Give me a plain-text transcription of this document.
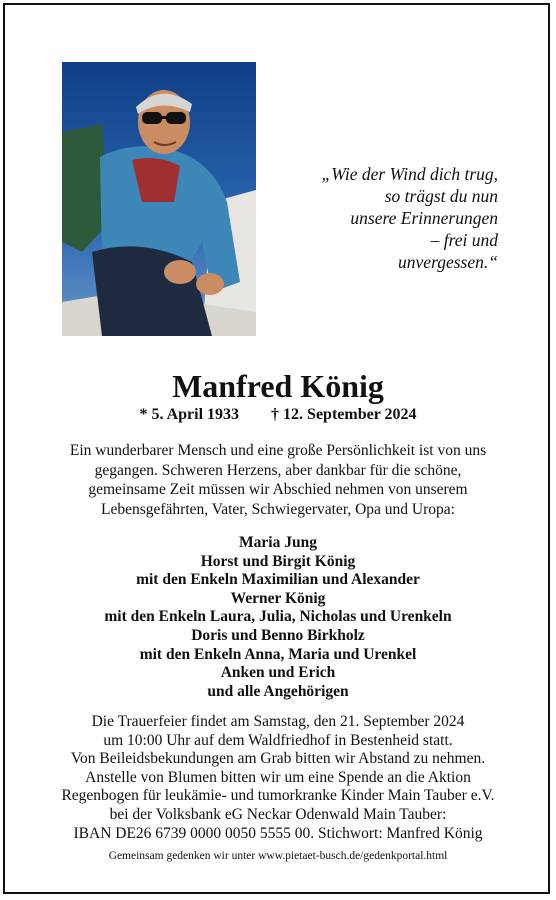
„Wie der Wind dich trug,
so trägst du nun
unsere Erinnerungen
– frei und
unvergessen.“
Manfred König
* 5. April 1933 † 12. September 2024
Ein wunderbarer Mensch und eine große Persönlichkeit ist von uns
gegangen. Schweren Herzens, aber dankbar für die schöne,
gemeinsame Zeit müssen wir Abschied nehmen von unserem
Lebensgefährten, Vater, Schwiegervater, Opa und Uropa:
Maria Jung
Horst und Birgit König
mit den Enkeln Maximilian und Alexander
Werner König
mit den Enkeln Laura, Julia, Nicholas und Urenkeln
Doris und Benno Birkholz
mit den Enkeln Anna, Maria und Urenkel
Anken und Erich
und alle Angehörigen
Die Trauerfeier findet am Samstag, den 21. September 2024
um 10:00 Uhr auf dem Waldfriedhof in Bestenheid statt.
Von Beileidsbekundungen am Grab bitten wir Abstand zu nehmen.
Anstelle von Blumen bitten wir um eine Spende an die Aktion
Regenbogen für leukämie- und tumorkranke Kinder Main Tauber e.V.
bei der Volksbank eG Neckar Odenwald Main Tauber:
IBAN DE26 6739 0000 0050 5555 00. Stichwort: Manfred König
Gemeinsam gedenken wir unter www.pietaet-busch.de/gedenkportal.html
